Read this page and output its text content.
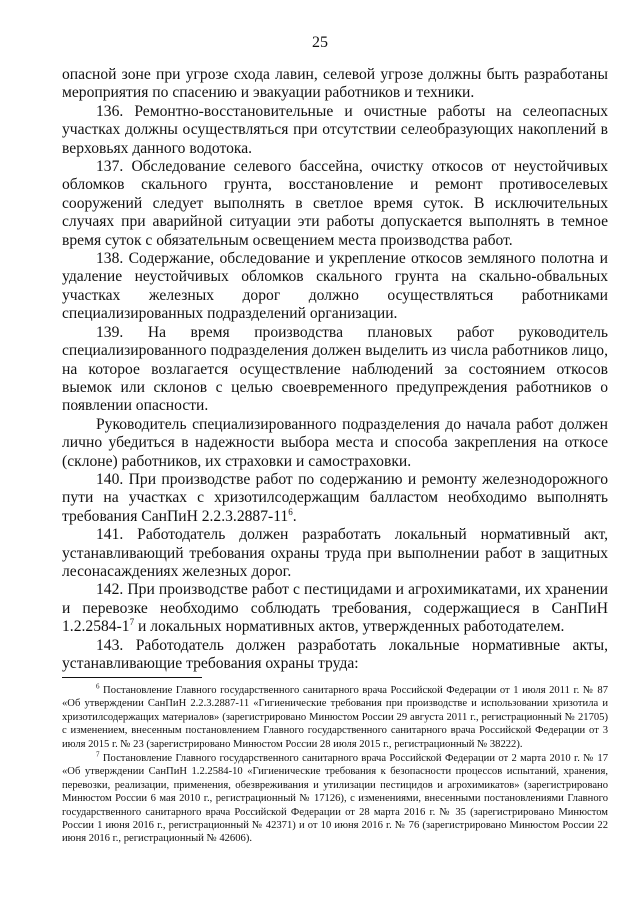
25

опасной зоне при угрозе схода лавин, селевой угрозе должны быть разработаны мероприятия по спасению и эвакуации работников и техники.

136. Ремонтно-восстановительные и очистные работы на селеопасных участках должны осуществляться при отсутствии селеобразующих накоплений в верховьях данного водотока.

137. Обследование селевого бассейна, очистку откосов от неустойчивых обломков скального грунта, восстановление и ремонт противоселевых сооружений следует выполнять в светлое время суток. В исключительных случаях при аварийной ситуации эти работы допускается выполнять в темное время суток с обязательным освещением места производства работ.

138. Содержание, обследование и укрепление откосов земляного полотна и удаление неустойчивых обломков скального грунта на скально-обвальных участках железных дорог должно осуществляться работниками специализированных подразделений организации.

139. На время производства плановых работ руководитель специализированного подразделения должен выделить из числа работников лицо, на которое возлагается осуществление наблюдений за состоянием откосов выемок или склонов с целью своевременного предупреждения работников о появлении опасности.

Руководитель специализированного подразделения до начала работ должен лично убедиться в надежности выбора места и способа закрепления на откосе (склоне) работников, их страховки и самостраховки.

140. При производстве работ по содержанию и ремонту железнодорожного пути на участках с хризотилсодержащим балластом необходимо выполнять требования СанПиН $2.2.3.2887-11^6$.

141. Работодатель должен разработать локальный нормативный акт, устанавливающий требования охраны труда при выполнении работ в защитных лесонасаждениях железных дорог.

142. При производстве работ с пестицидами и агрохимикатами, их хранении и перевозке необходимо соблюдать требования, содержащиеся в СанПиН $1.2.2584-1^7$ и локальных нормативных актов, утвержденных работодателем.

143. Работодатель должен разработать локальные нормативные акты, устанавливающие требования охраны труда:

$^6$ Постановление Главного государственного санитарного врача Российской Федерации от 1 июля 2011 г. № 87 «Об утверждении СанПиН 2.2.3.2887-11 «Гигиенические требования при производстве и использовании хризотила и хризотилсодержащих материалов» (зарегистрировано Минюстом России 29 августа 2011 г., регистрационный № 21705) с изменением, внесенным постановлением Главного государственного санитарного врача Российской Федерации от 3 июля 2015 г. № 23 (зарегистрировано Минюстом России 28 июля 2015 г., регистрационный № 38222).

$^7$ Постановление Главного государственного санитарного врача Российской Федерации от 2 марта 2010 г. № 17 «Об утверждении СанПиН 1.2.2584-10 «Гигиенические требования к безопасности процессов испытаний, хранения, перевозки, реализации, применения, обезвреживания и утилизации пестицидов и агрохимикатов» (зарегистрировано Минюстом России 6 мая 2010 г., регистрационный № 17126), с изменениями, внесенными постановлениями Главного государственного санитарного врача Российской Федерации от 28 марта 2016 г. № 35 (зарегистрировано Минюстом России 1 июня 2016 г., регистрационный № 42371) и от 10 июня 2016 г. № 76 (зарегистрировано Минюстом России 22 июня 2016 г., регистрационный № 42606).
